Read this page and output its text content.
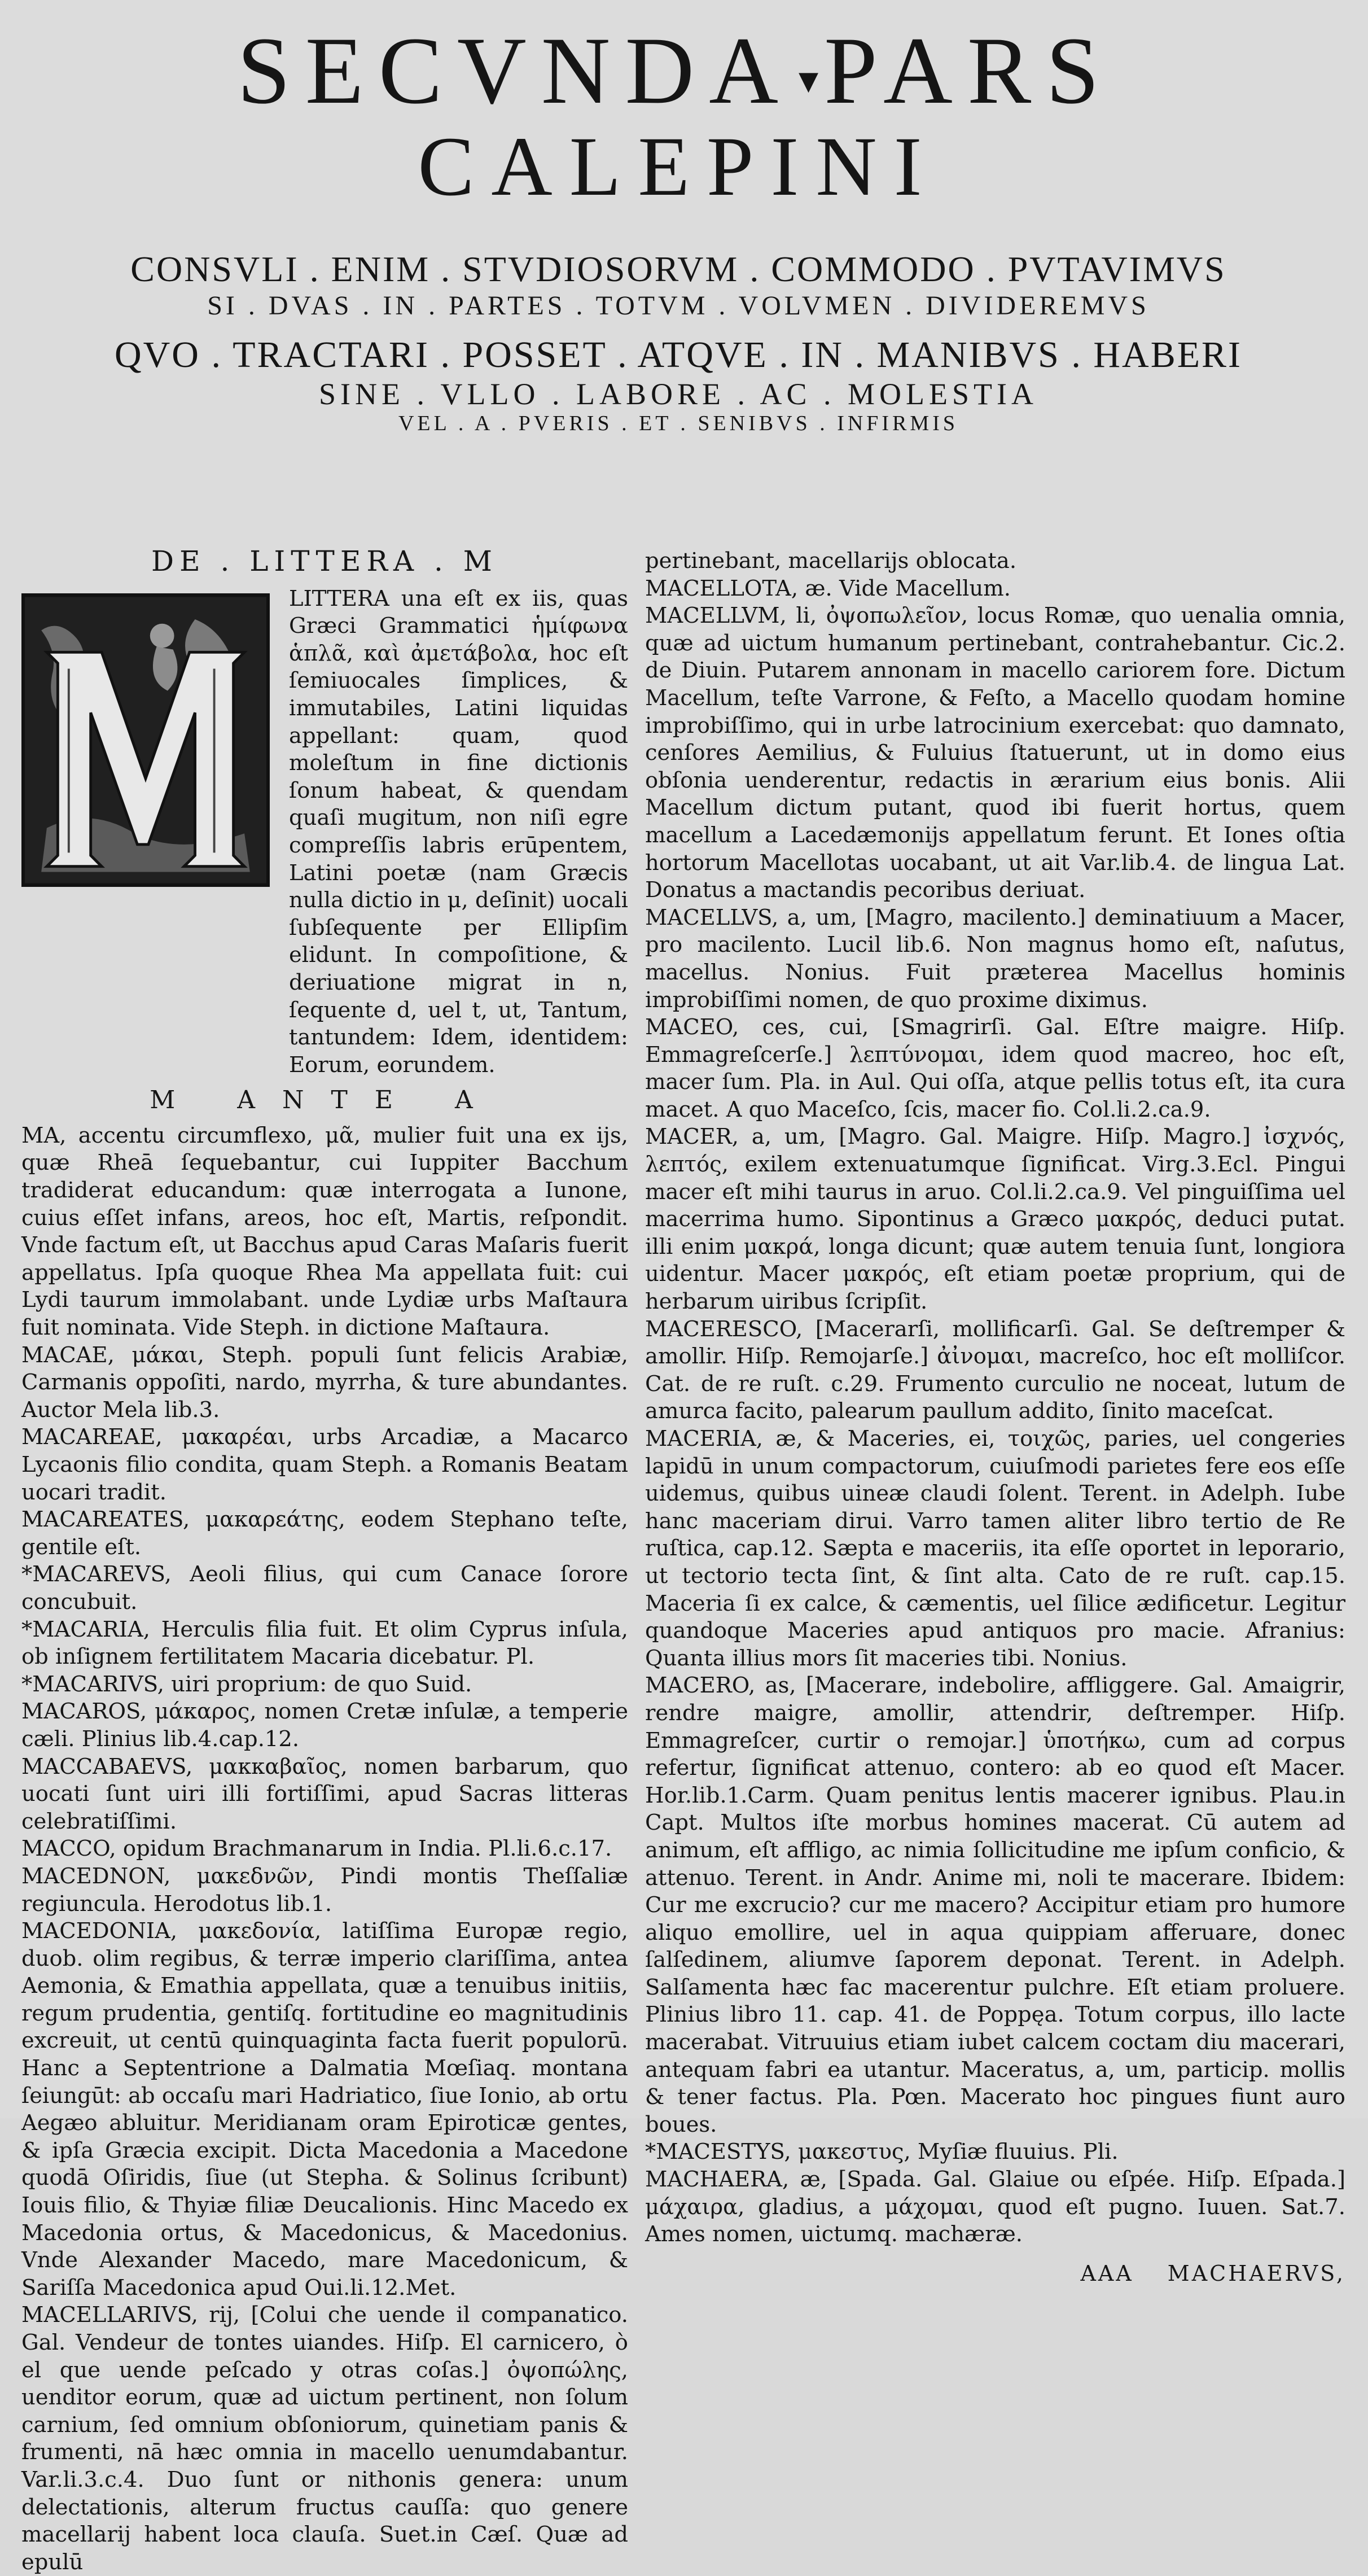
SECVNDA ▾PARS
CALEPINI
CONSVLI . ENIM . STVDIOSORVM . COMMODO . PVTAVIMVS
SI . DVAS . IN . PARTES . TOTVM . VOLVMEN . DIVIDEREMVS
QVO . TRACTARI . POSSET . ATQVE . IN . MANIBVS . HABERI
SINE . VLLO . LABORE . AC . MOLESTIA
VEL . A . PVERIS . ET . SENIBVS . INFIRMIS
DE . LITTERA . M

LITTERA una eſt ex iis, quas Græci Grammatici ἡμίφωνα ἁπλᾶ, καὶ ἀμετάβολα, hoc eſt ſemiuocales ſimplices, & immutabiles, Latini liquidas appellant: quam, quod moleſtum in fine dictionis ſonum habeat, & quendam quaſi mugitum, non niſi egre compreſſis labris erūpentem, Latini poetæ (nam Græcis nulla dictio in μ, deſinit) uocali ſubſequente per Ellipſim elidunt. In compoſitione, & deriuatione migrat in n, ſequente d, uel t, ut, Tantum, tantundem: Idem, identidem: Eorum, eorundem.

M ANTE A

MA, accentu circumflexo, μᾶ, mulier fuit una ex ijs, quæ Rheā ſequebantur, cui Iuppiter Bacchum tradiderat educandum: quæ interrogata a Iunone, cuius eſſet infans, areos, hoc eſt, Martis, reſpondit. Vnde factum eſt, ut Bacchus apud Caras Maſaris fuerit appellatus. Ipſa quoque Rhea Ma appellata fuit: cui Lydi taurum immolabant. unde Lydiæ urbs Maſtaura fuit nominata. Vide Steph. in dictione Maſtaura.

MACAE, μάκαι, Steph. populi ſunt felicis Arabiæ, Carmanis oppoſiti, nardo, myrrha, & ture abundantes. Auctor Mela lib.3.

MACAREAE, μακαρέαι, urbs Arcadiæ, a Macarco Lycaonis filio condita, quam Steph. a Romanis Beatam uocari tradit.

MACAREATES, μακαρεάτης, eodem Stephano teſte, gentile eſt.

*MACAREVS, Aeoli filius, qui cum Canace ſorore concubuit.

*MACARIA, Herculis filia fuit. Et olim Cyprus inſula, ob inſignem fertilitatem Macaria dicebatur. Pl.

*MACARIVS, uiri proprium: de quo Suid.

MACAROS, μάκαρος, nomen Cretæ inſulæ, a temperie cæli. Plinius lib.4.cap.12.

MACCABAEVS, μακκαβαῖος, nomen barbarum, quo uocati ſunt uiri illi fortiſſimi, apud Sacras litteras celebratiſſimi.

MACCO, opidum Brachmanarum in India. Pl.li.6.c.17.

MACEDNON, μακεδνῶν, Pindi montis Theſſaliæ regiuncula. Herodotus lib.1.

MACEDONIA, μακεδονία, latiſſima Europæ regio, duob. olim regibus, & terræ imperio clariſſima, antea Aemonia, & Emathia appellata, quæ a tenuibus initiis, regum prudentia, gentiſq. fortitudine eo magnitudinis excreuit, ut centū quinquaginta facta fuerit populorū. Hanc a Septentrione a Dalmatia Mœſiaq. montana ſeiungūt: ab occaſu mari Hadriatico, ſiue Ionio, ab ortu Aegæo abluitur. Meridianam oram Epiroticæ gentes, & ipſa Græcia excipit. Dicta Macedonia a Macedone quodā Oſiridis, ſiue (ut Stepha. & Solinus ſcribunt) Iouis filio, & Thyiæ filiæ Deucalionis. Hinc Macedo ex Macedonia ortus, & Macedonicus, & Macedonius. Vnde Alexander Macedo, mare Macedonicum, & Sariſſa Macedonica apud Oui.li.12.Met.

MACELLARIVS, rij, [Colui che uende il companatico. Gal. Vendeur de tontes uiandes. Hiſp. El carnicero, ò el que uende peſcado y otras coſas.] ὀψοπώλης, uenditor eorum, quæ ad uictum pertinent, non ſolum carnium, ſed omnium obſoniorum, quinetiam panis & frumenti, nā hæc omnia in macello uenumdabantur. Var.li.3.c.4. Duo ſunt or nithonis genera: unum delectationis, alterum fructus cauſſa: quo genere macellarij habent loca clauſa. Suet.in Cæſ. Quæ ad epulū

pertinebant, macellarijs oblocata.

MACELLOTA, æ. Vide Macellum.

MACELLVM, li, ὀψοπωλεῖον, locus Romæ, quo uenalia omnia, quæ ad uictum humanum pertinebant, contrahebantur. Cic.2. de Diuin. Putarem annonam in macello cariorem fore. Dictum Macellum, teſte Varrone, & Feſto, a Macello quodam homine improbiſſimo, qui in urbe latrocinium exercebat: quo damnato, cenſores Aemilius, & Fuluius ſtatuerunt, ut in domo eius obſonia uenderentur, redactis in ærarium eius bonis. Alii Macellum dictum putant, quod ibi fuerit hortus, quem macellum a Lacedæmonijs appellatum ferunt. Et Iones oſtia hortorum Macellotas uocabant, ut ait Var.lib.4. de lingua Lat. Donatus a mactandis pecoribus deriuat.

MACELLVS, a, um, [Magro, macilento.] deminatiuum a Macer, pro macilento. Lucil lib.6. Non magnus homo eſt, naſutus, macellus. Nonius. Fuit præterea Macellus hominis improbiſſimi nomen, de quo proxime diximus.

MACEO, ces, cui, [Smagrirſi. Gal. Eſtre maigre. Hiſp. Emmagreſcerſe.] λεπτύνομαι, idem quod macreo, hoc eſt, macer ſum. Pla. in Aul. Qui oſſa, atque pellis totus eſt, ita cura macet. A quo Maceſco, ſcis, macer fio. Col.li.2.ca.9.

MACER, a, um, [Magro. Gal. Maigre. Hiſp. Magro.] ἰσχνός, λεπτός, exilem extenuatumque ſignificat. Virg.3.Ecl. Pingui macer eſt mihi taurus in aruo. Col.li.2.ca.9. Vel pinguiſſima uel macerrima humo. Sipontinus a Græco μακρός, deduci putat. illi enim μακρά, longa dicunt; quæ autem tenuia ſunt, longiora uidentur. Macer μακρός, eſt etiam poetæ proprium, qui de herbarum uiribus ſcripſit.

MACERESCO, [Macerarſi, mollificarſi. Gal. Se deſtremper & amollir. Hiſp. Remojarſe.] ἀἰνομαι, macreſco, hoc eſt molliſcor. Cat. de re ruſt. c.29. Frumento curculio ne noceat, lutum de amurca facito, palearum paullum addito, ſinito maceſcat.

MACERIA, æ, & Maceries, ei, τοιχῶς, paries, uel congeries lapidū in unum compactorum, cuiuſmodi parietes fere eos eſſe uidemus, quibus uineæ claudi ſolent. Terent. in Adelph. Iube hanc maceriam dirui. Varro tamen aliter libro tertio de Re ruſtica, cap.12. Sæpta e maceriis, ita eſſe oportet in leporario, ut tectorio tecta ſint, & ſint alta. Cato de re ruſt. cap.15. Maceria ſi ex calce, & cæmentis, uel ſilice ædificetur. Legitur quandoque Maceries apud antiquos pro macie. Afranius: Quanta illius mors ſit maceries tibi. Nonius.

MACERO, as, [Macerare, indebolire, affliggere. Gal. Amaigrir, rendre maigre, amollir, attendrir, deſtremper. Hiſp. Emmagreſcer, curtir o remojar.] ὑποτήκω, cum ad corpus refertur, ſignificat attenuo, contero: ab eo quod eſt Macer. Hor.lib.1.Carm. Quam penitus lentis macerer ignibus. Plau.in Capt. Multos iſte morbus homines macerat. Cū autem ad animum, eſt affligo, ac nimia ſollicitudine me ipſum conficio, & attenuo. Terent. in Andr. Anime mi, noli te macerare. Ibidem: Cur me excrucio? cur me macero? Accipitur etiam pro humore aliquo emollire, uel in aqua quippiam afferuare, donec ſalſedinem, aliumve ſaporem deponat. Terent. in Adelph. Salſamenta hæc fac macerentur pulchre. Eſt etiam proluere. Plinius libro 11. cap. 41. de Poppęa. Totum corpus, illo lacte macerabat. Vitruuius etiam iubet calcem coctam diu macerari, antequam fabri ea utantur. Maceratus, a, um, particip. mollis & tener factus. Pla. Pœn. Macerato hoc pingues fiunt auro boues.

*MACESTYS, μακεστυς, Myſiæ fluuius. Pli.

MACHAERA, æ, [Spada. Gal. Glaiue ou eſpée. Hiſp. Eſpada.] μάχαιρα, gladius, a μάχομαι, quod eſt pugno. Iuuen. Sat.7. Ames nomen, uictumq. machæræ.

AAA MACHAERVS,
